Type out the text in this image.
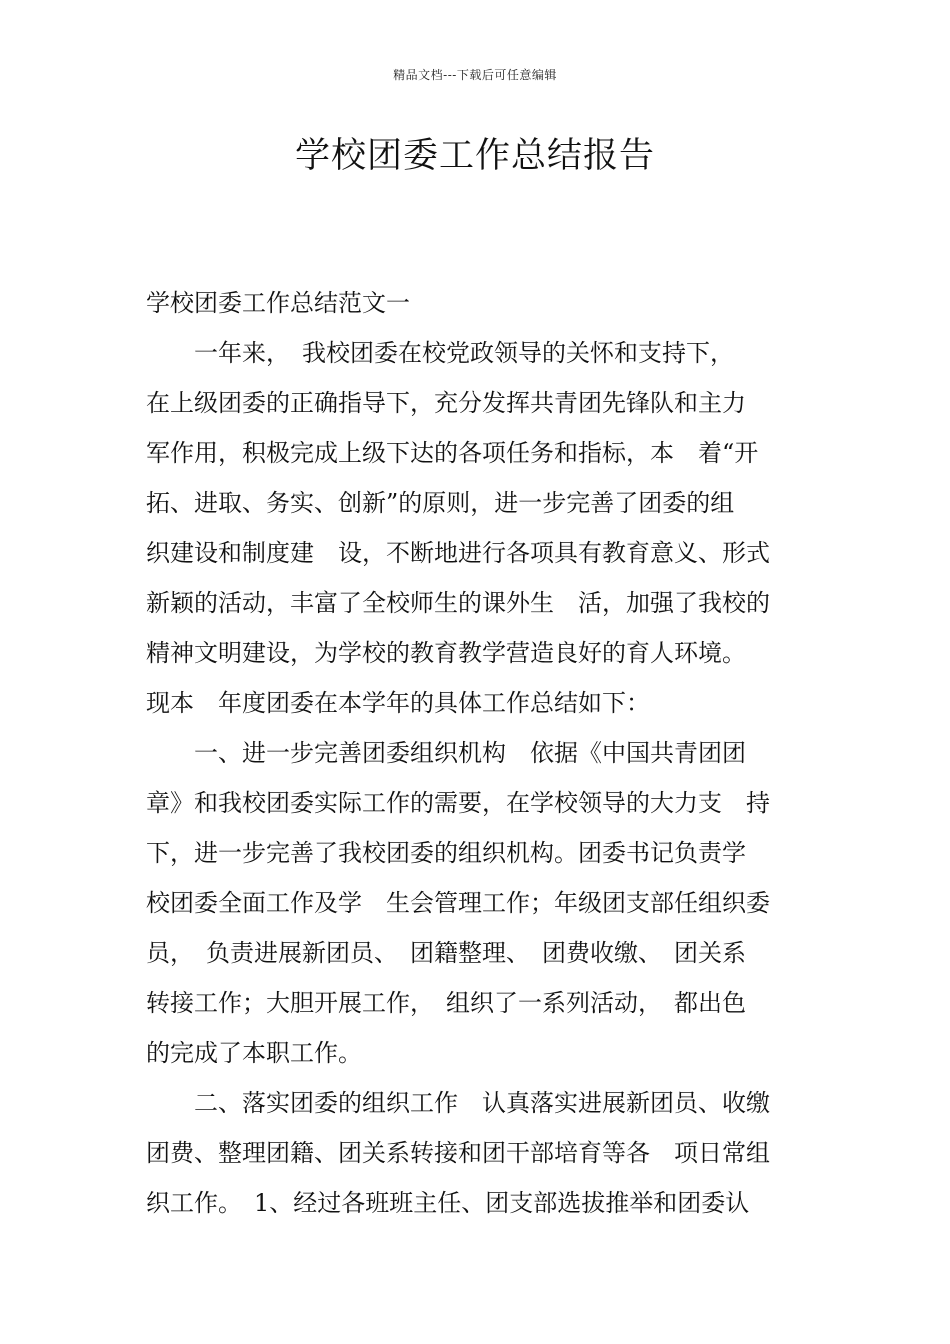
精品文档---下载后可任意编辑
学校团委工作总结报告
学校团委工作总结范文一
　　一年来，　我校团委在校党政领导的关怀和支持下，
在上级团委的正确指导下，充分发挥共青团先锋队和主力
军作用，积极完成上级下达的各项任务和指标，本　着“开
拓、进取、务实、创新”的原则，进一步完善了团委的组
织建设和制度建　设，不断地进行各项具有教育意义、形式
新颖的活动，丰富了全校师生的课外生　活，加强了我校的
精神文明建设，为学校的教育教学营造良好的育人环境。
现本　年度团委在本学年的具体工作总结如下：
　　一、进一步完善团委组织机构　依据《中国共青团团
章》和我校团委实际工作的需要，在学校领导的大力支　持
下，进一步完善了我校团委的组织机构。团委书记负责学
校团委全面工作及学　生会管理工作；年级团支部任组织委
员，　负责进展新团员、　团籍整理、　团费收缴、　团关系
转接工作；大胆开展工作，　组织了一系列活动，　都出色
的完成了本职工作。
　　二、落实团委的组织工作　认真落实进展新团员、收缴
团费、整理团籍、团关系转接和团干部培育等各　项日常组
织工作。　1、经过各班班主任、团支部选拔推举和团委认
